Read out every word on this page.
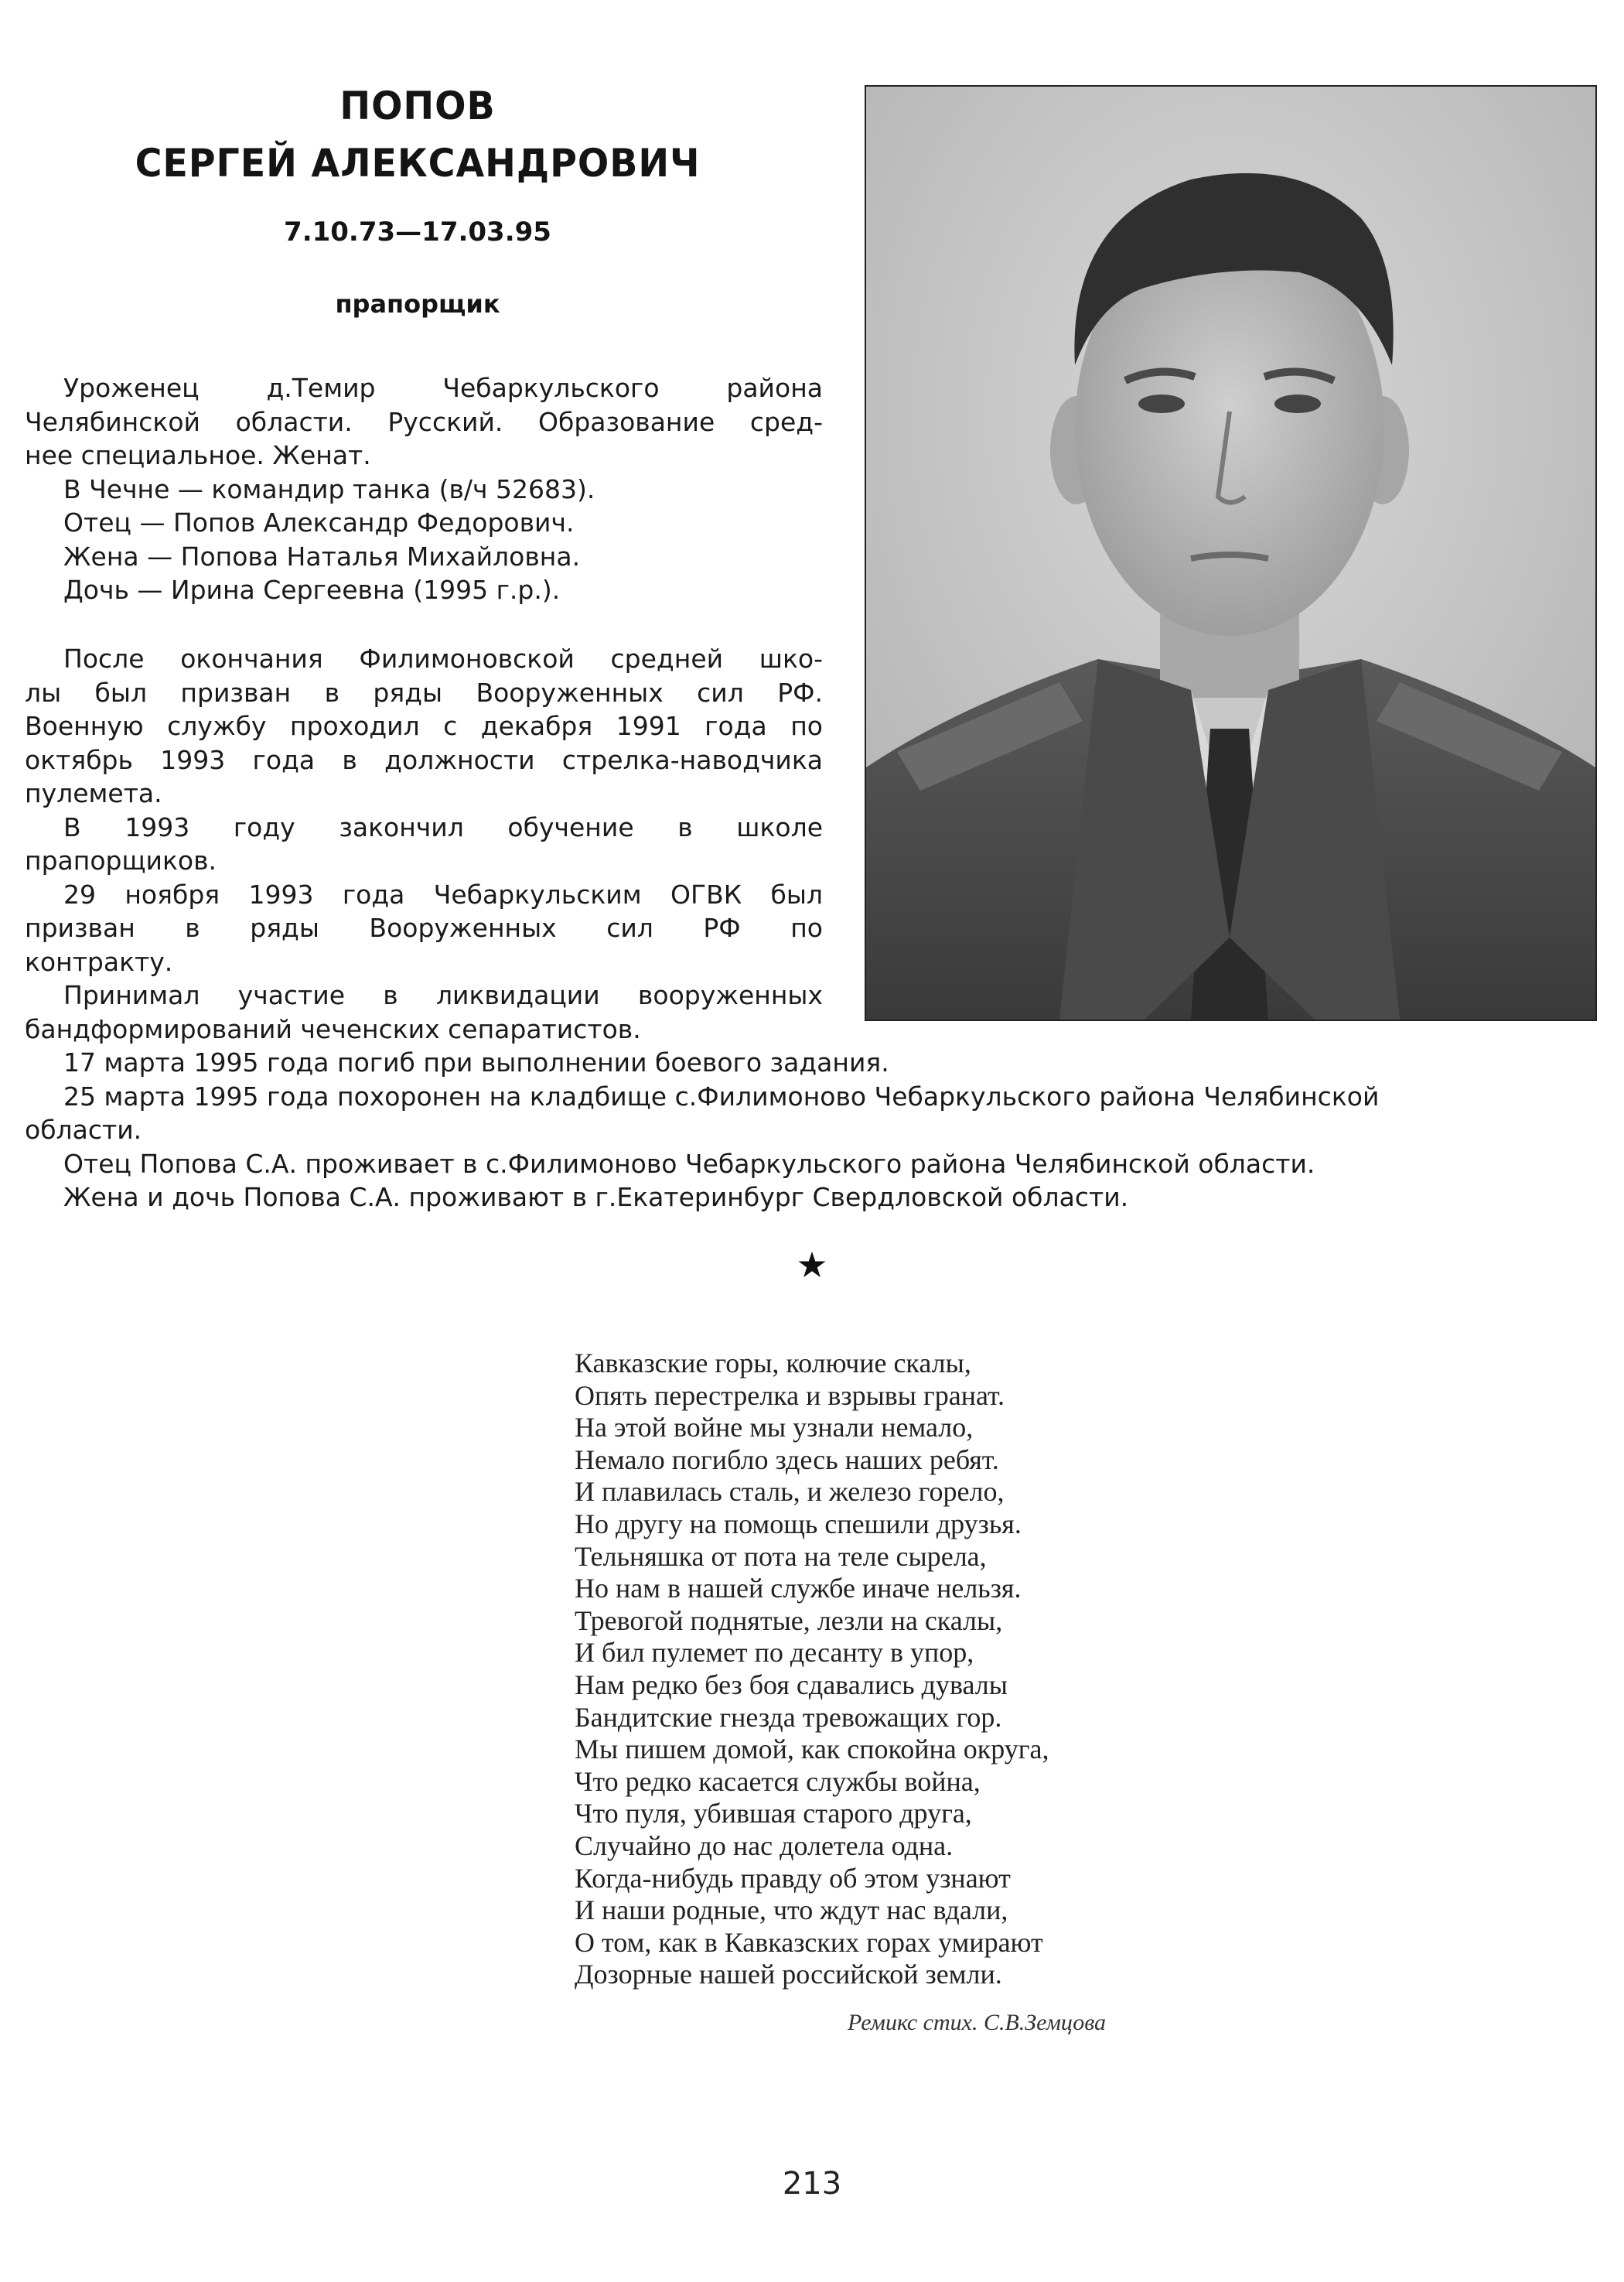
ПОПОВ
СЕРГЕЙ АЛЕКСАНДРОВИЧ
7.10.73—17.03.95
прапорщик
Уроженец д.Темир Чебаркульского района
Челябинской области. Русский. Образование сред-
нее специальное. Женат.
В Чечне — командир танка (в/ч 52683).
Отец — Попов Александр Федорович.
Жена — Попова Наталья Михайловна.
Дочь — Ирина Сергеевна (1995 г.р.).
После окончания Филимоновской средней шко-
лы был призван в ряды Вооруженных сил РФ.
Военную службу проходил с декабря 1991 года по
октябрь 1993 года в должности стрелка-наводчика
пулемета.
В 1993 году закончил обучение в школе
прапорщиков.
29 ноября 1993 года Чебаркульским ОГВК был
призван в ряды Вооруженных сил РФ по
контракту.
Принимал участие в ликвидации вооруженных
бандформирований чеченских сепаратистов.
17 марта 1995 года погиб при выполнении боевого задания.
25 марта 1995 года похоронен на кладбище с.Филимоново Чебаркульского района Челябинской
области.
Отец Попова С.А. проживает в с.Филимоново Чебаркульского района Челябинской области.
Жена и дочь Попова С.А. проживают в г.Екатеринбург Свердловской области.
★
Кавказские горы, колючие скалы,
Опять перестрелка и взрывы гранат.
На этой войне мы узнали немало,
Немало погибло здесь наших ребят.
И плавилась сталь, и железо горело,
Но другу на помощь спешили друзья.
Тельняшка от пота на теле сырела,
Но нам в нашей службе иначе нельзя.
Тревогой поднятые, лезли на скалы,
И бил пулемет по десанту в упор,
Нам редко без боя сдавались дувалы
Бандитские гнезда тревожащих гор.
Мы пишем домой, как спокойна округа,
Что редко касается службы война,
Что пуля, убившая старого друга,
Случайно до нас долетела одна.
Когда-нибудь правду об этом узнают
И наши родные, что ждут нас вдали,
О том, как в Кавказских горах умирают
Дозорные нашей российской земли.
Ремикс стих. С.В.Земцова
213
